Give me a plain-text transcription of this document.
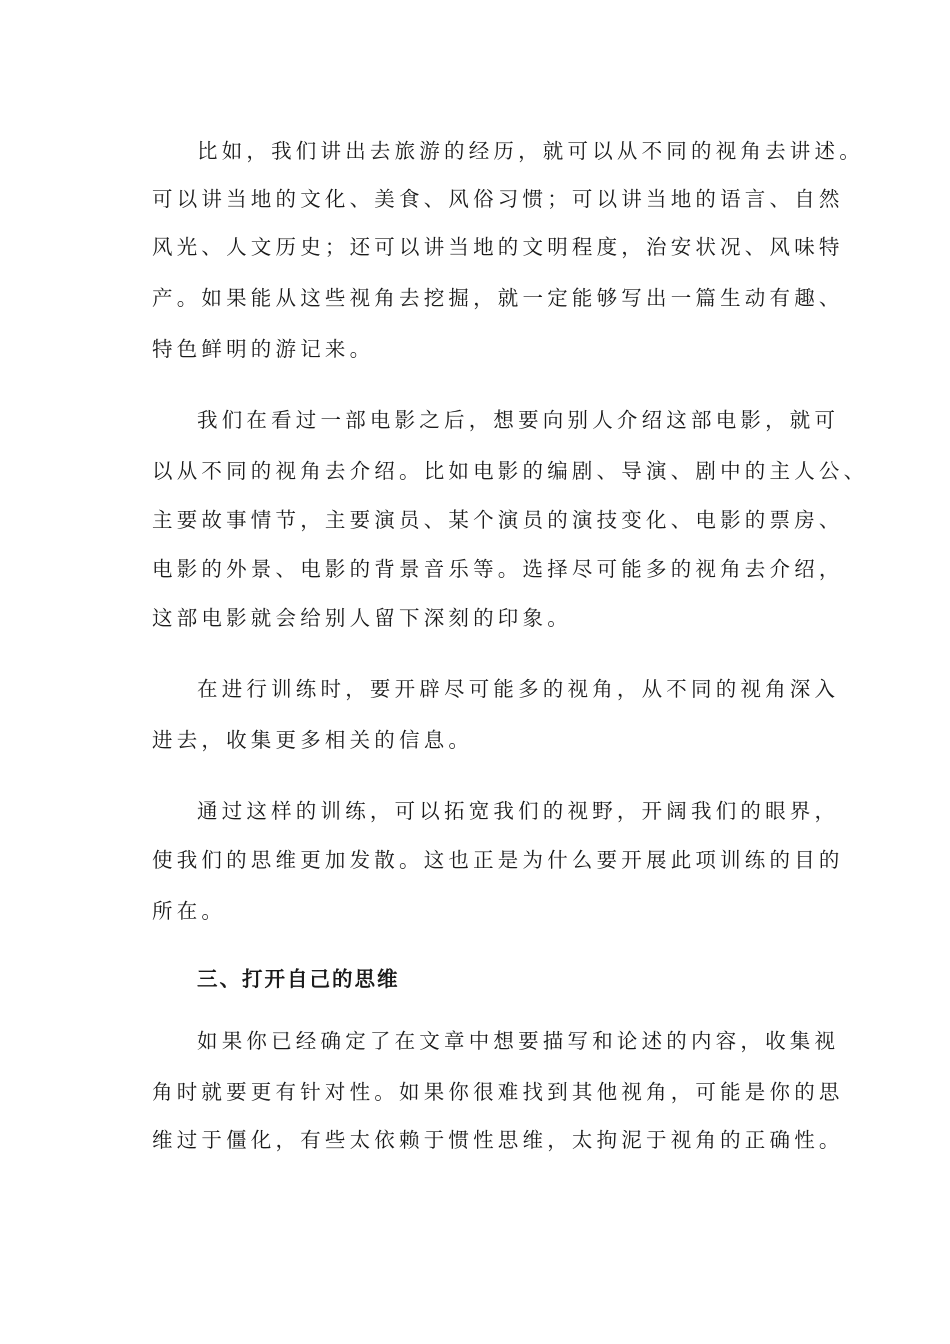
比如，我们讲出去旅游的经历，就可以从不同的视角去讲述。
可以讲当地的文化、美食、风俗习惯；可以讲当地的语言、自然
风光、人文历史；还可以讲当地的文明程度，治安状况、风味特
产。如果能从这些视角去挖掘，就一定能够写出一篇生动有趣、
特色鲜明的游记来。
我们在看过一部电影之后，想要向别人介绍这部电影，就可
以从不同的视角去介绍。比如电影的编剧、导演、剧中的主人公、
主要故事情节，主要演员、某个演员的演技变化、电影的票房、
电影的外景、电影的背景音乐等。选择尽可能多的视角去介绍，
这部电影就会给别人留下深刻的印象。
在进行训练时，要开辟尽可能多的视角，从不同的视角深入
进去，收集更多相关的信息。
通过这样的训练，可以拓宽我们的视野，开阔我们的眼界，
使我们的思维更加发散。这也正是为什么要开展此项训练的目的
所在。
三、打开自己的思维
如果你已经确定了在文章中想要描写和论述的内容，收集视
角时就要更有针对性。如果你很难找到其他视角，可能是你的思
维过于僵化，有些太依赖于惯性思维，太拘泥于视角的正确性。
